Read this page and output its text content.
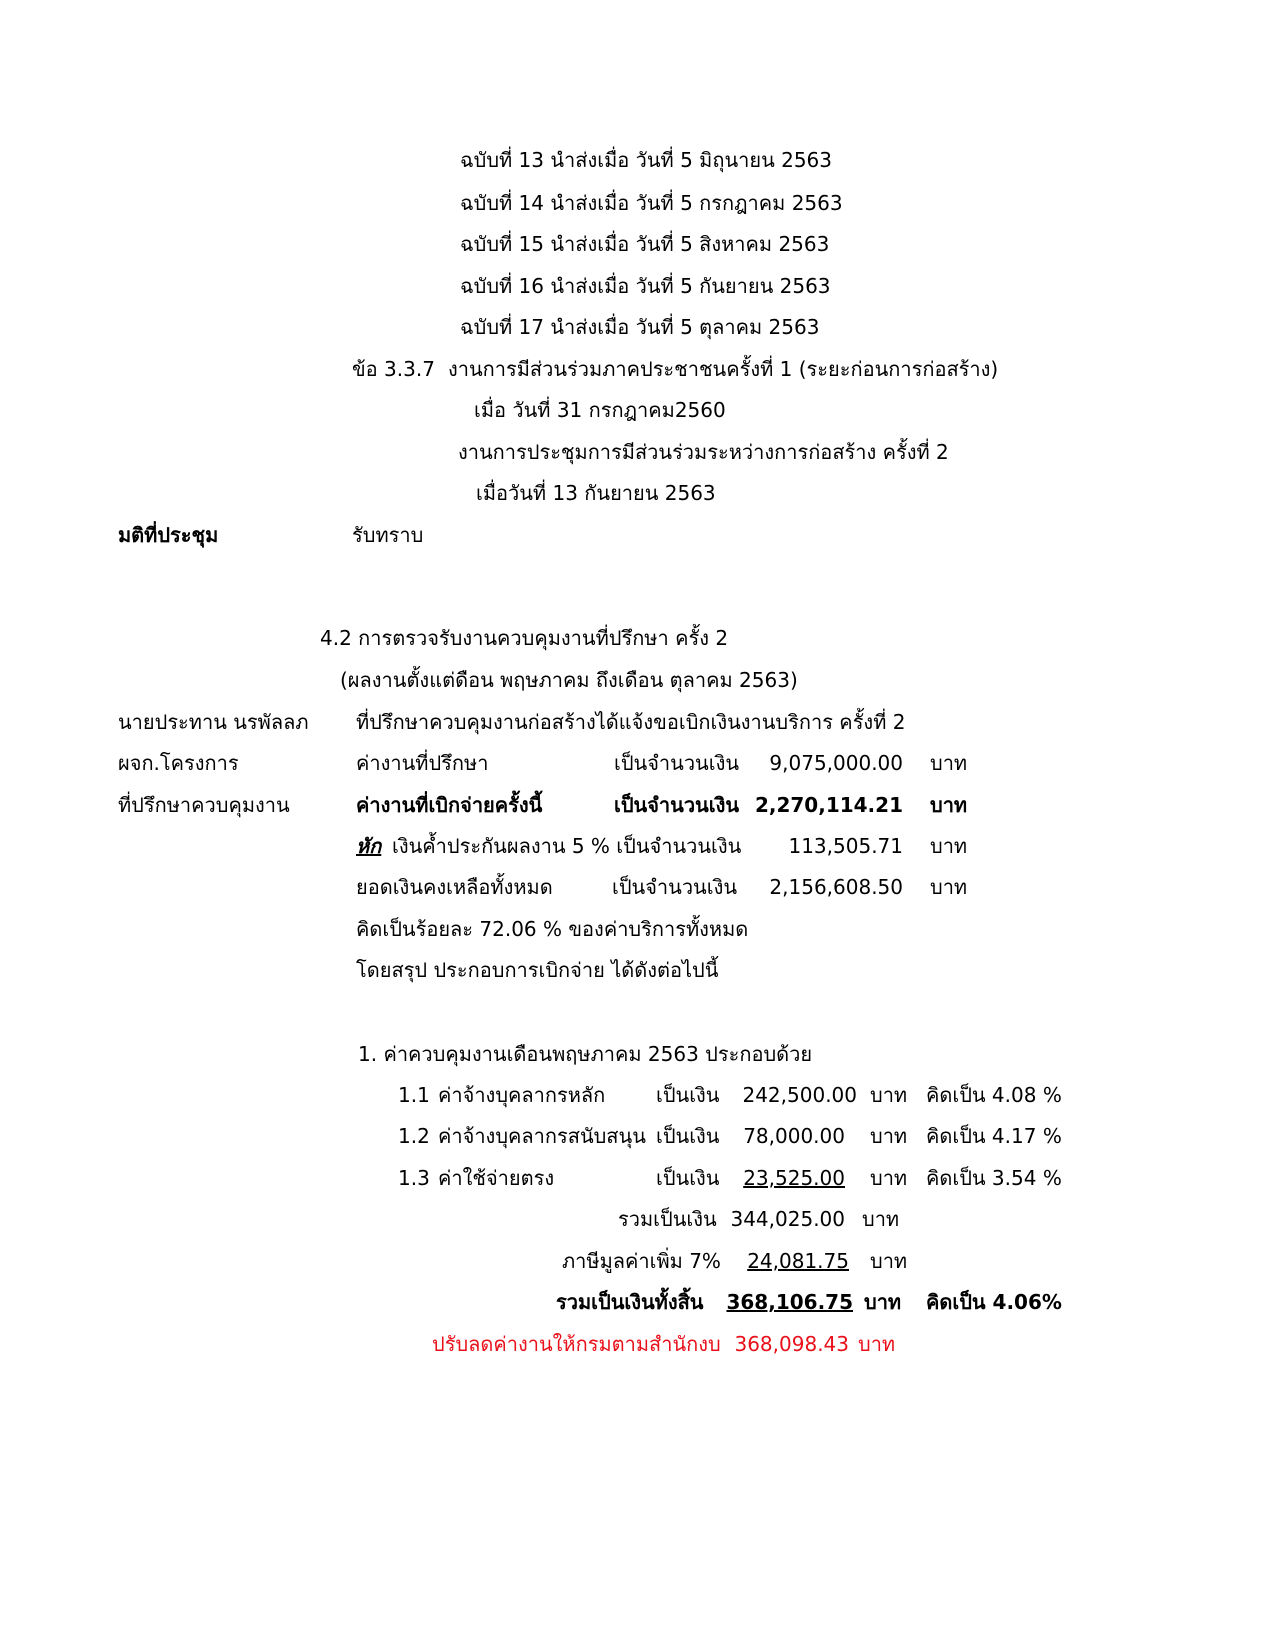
ฉบับที่ 13 นำส่งเมื่อ วันที่ 5 มิถุนายน 2563
ฉบับที่ 14 นำส่งเมื่อ วันที่ 5 กรกฎาคม 2563
ฉบับที่ 15 นำส่งเมื่อ วันที่ 5 สิงหาคม 2563
ฉบับที่ 16 นำส่งเมื่อ วันที่ 5 กันยายน 2563
ฉบับที่ 17 นำส่งเมื่อ วันที่ 5 ตุลาคม 2563
ข้อ 3.3.7 งานการมีส่วนร่วมภาคประชาชนครั้งที่ 1 (ระยะก่อนการก่อสร้าง)
เมื่อ วันที่ 31 กรกฎาคม2560
งานการประชุมการมีส่วนร่วมระหว่างการก่อสร้าง ครั้งที่ 2
เมื่อวันที่ 13 กันยายน 2563
มติที่ประชุม	รับทราบ
4.2 การตรวจรับงานควบคุมงานที่ปรึกษา ครั้ง 2
(ผลงานตั้งแต่ดือน พฤษภาคม ถึงเดือน ตุลาคม 2563)
นายประทาน นรพัลลภ
ผจก.โครงการ
ที่ปรึกษาควบคุมงาน
ที่ปรึกษาควบคุมงานก่อสร้างได้แจ้งขอเบิกเงินงานบริการ ครั้งที่ 2
ค่างานที่ปรึกษา	เป็นจำนวนเงิน 9,075,000.00 บาท
ค่างานที่เบิกจ่ายครั้งนี้	เป็นจำนวนเงิน 2,270,114.21 บาท
หัก เงินค้ำประกันผลงาน 5 % เป็นจำนวนเงิน 113,505.71 บาท
ยอดเงินคงเหลือทั้งหมด	เป็นจำนวนเงิน 2,156,608.50 บาท
คิดเป็นร้อยละ 72.06 % ของค่าบริการทั้งหมด
โดยสรุป ประกอบการเบิกจ่าย ได้ดังต่อไปนี้
1. ค่าควบคุมงานเดือนพฤษภาคม 2563 ประกอบด้วย
1.1 ค่าจ้างบุคลากรหลัก	เป็นเงิน 242,500.00 บาท คิดเป็น 4.08 %
1.2 ค่าจ้างบุคลากรสนับสนุน เป็นเงิน 78,000.00 บาท คิดเป็น 4.17 %
1.3 ค่าใช้จ่ายตรง	เป็นเงิน 23,525.00 บาท คิดเป็น 3.54 %
รวมเป็นเงิน 344,025.00 บาท
ภาษีมูลค่าเพิ่ม 7% 24,081.75 บาท
รวมเป็นเงินทั้งสิ้น 368,106.75 บาท คิดเป็น 4.06%
ปรับลดค่างานให้กรมตามสำนักงบ 368,098.43 บาท
